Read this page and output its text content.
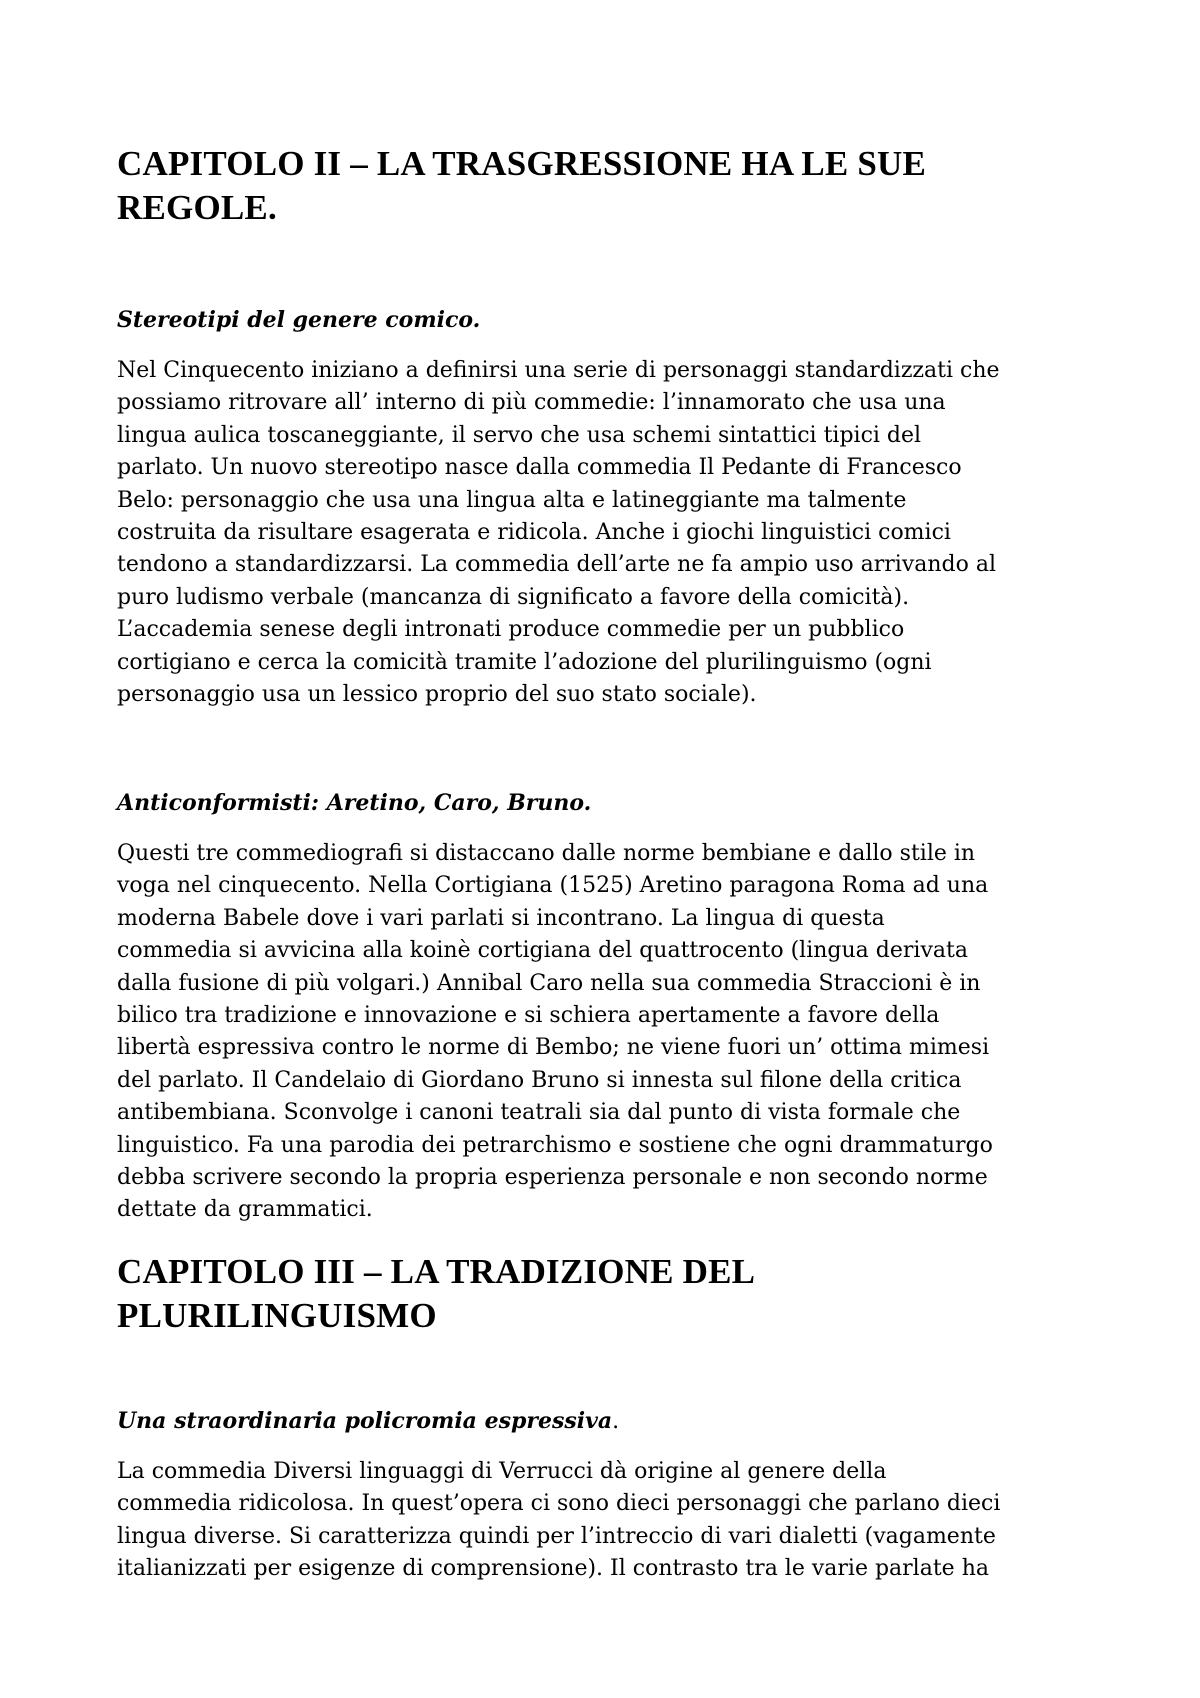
CAPITOLO II – LA TRASGRESSIONE HA LE SUE
REGOLE.
Stereotipi del genere comico.
Nel Cinquecento iniziano a definirsi una serie di personaggi standardizzati che
possiamo ritrovare all’ interno di più commedie: l’innamorato che usa una
lingua aulica toscaneggiante, il servo che usa schemi sintattici tipici del
parlato. Un nuovo stereotipo nasce dalla commedia Il Pedante di Francesco
Belo: personaggio che usa una lingua alta e latineggiante ma talmente
costruita da risultare esagerata e ridicola. Anche i giochi linguistici comici
tendono a standardizzarsi. La commedia dell’arte ne fa ampio uso arrivando al
puro ludismo verbale (mancanza di significato a favore della comicità).
L’accademia senese degli intronati produce commedie per un pubblico
cortigiano e cerca la comicità tramite l’adozione del plurilinguismo (ogni
personaggio usa un lessico proprio del suo stato sociale).
Anticonformisti: Aretino, Caro, Bruno.
Questi tre commediografi si distaccano dalle norme bembiane e dallo stile in
voga nel cinquecento. Nella Cortigiana (1525) Aretino paragona Roma ad una
moderna Babele dove i vari parlati si incontrano. La lingua di questa
commedia si avvicina alla koinè cortigiana del quattrocento (lingua derivata
dalla fusione di più volgari.) Annibal Caro nella sua commedia Straccioni è in
bilico tra tradizione e innovazione e si schiera apertamente a favore della
libertà espressiva contro le norme di Bembo; ne viene fuori un’ ottima mimesi
del parlato. Il Candelaio di Giordano Bruno si innesta sul filone della critica
antibembiana. Sconvolge i canoni teatrali sia dal punto di vista formale che
linguistico. Fa una parodia dei petrarchismo e sostiene che ogni drammaturgo
debba scrivere secondo la propria esperienza personale e non secondo norme
dettate da grammatici.
CAPITOLO III – LA TRADIZIONE DEL
PLURILINGUISMO
Una straordinaria policromia espressiva.
La commedia Diversi linguaggi di Verrucci dà origine al genere della
commedia ridicolosa. In quest’opera ci sono dieci personaggi che parlano dieci
lingua diverse. Si caratterizza quindi per l’intreccio di vari dialetti (vagamente
italianizzati per esigenze di comprensione). Il contrasto tra le varie parlate ha
